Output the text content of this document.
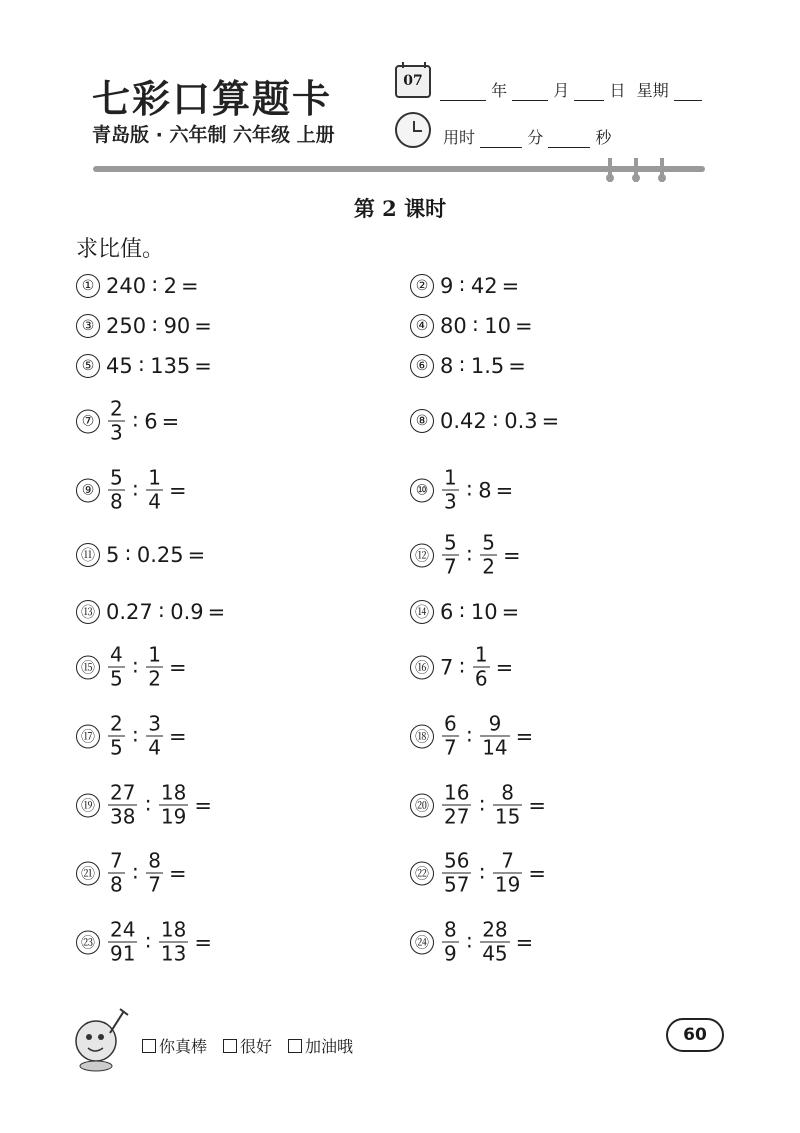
七彩口算题卡
青岛版 · 六年制 六年级 上册
07	年	月	日 星期
用时	分	秒
第 2 课时
求比值。
① 240 ∶ 2 =	② 9 ∶ 42 =
③ 250 ∶ 90 =	④ 80 ∶ 10 =
⑤ 45 ∶ 135 =	⑥ 8 ∶ 1.5 =
⑦ $\frac{2}{3}$ ∶ 6 =	⑧ 0.42 ∶ 0.3 =
⑨ $\frac{5}{8}$ ∶ $\frac{1}{4}$ =	⑩ $\frac{1}{3}$ ∶ 8 =
⑪ 5 ∶ 0.25 =	⑫ $\frac{5}{7}$ ∶ $\frac{5}{2}$ =
⑬ 0.27 ∶ 0.9 =	⑭ 6 ∶ 10 =
⑮ $\frac{4}{5}$ ∶ $\frac{1}{2}$ =	⑯ 7 ∶ $\frac{1}{6}$ =
⑰ $\frac{2}{5}$ ∶ $\frac{3}{4}$ =	⑱ $\frac{6}{7}$ ∶ $\frac{9}{14}$ =
⑲ $\frac{27}{38}$ ∶ $\frac{18}{19}$ =	⑳ $\frac{16}{27}$ ∶ $\frac{8}{15}$ =
㉑ $\frac{7}{8}$ ∶ $\frac{8}{7}$ =	㉒ $\frac{56}{57}$ ∶ $\frac{7}{19}$ =
㉓ $\frac{24}{91}$ ∶ $\frac{18}{13}$ =	㉔ $\frac{8}{9}$ ∶ $\frac{28}{45}$ =
你真棒 很好 加油哦
60
